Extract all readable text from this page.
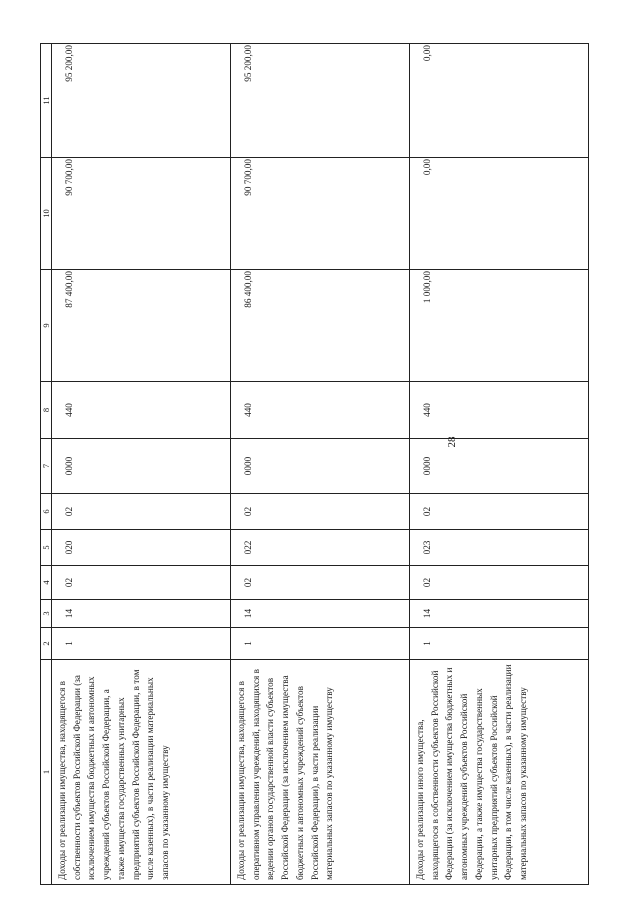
28
1	2	3	4	5	6	7	8	9	10	11
Доходы от реализации имущества, находящегося в собственности субъектов Российской Федерации (за исключением имущества бюджетных и автономных учреждений субъектов Российской Федерации, а также имущества государственных унитарных предприятий субъектов Российской Федерации, в том числе казенных), в части реализации материальных запасов по указанному имуществу	1	14	02	020	02	0000	440	87 400,00	90 700,00	95 200,00
Доходы от реализации имущества, находящегося в оперативном управлении учреждений, находящихся в ведении органов государственной власти субъектов Российской Федерации (за исключением имущества бюджетных и автономных учреждений субъектов Российской Федерации), в части реализации материальных запасов по указанному имуществу	1	14	02	022	02	0000	440	86 400,00	90 700,00	95 200,00
Доходы от реализации иного имущества, находящегося в собственности субъектов Российской Федерации (за исключением имущества бюджетных и автономных учреждений субъектов Российской Федерации, а также имущества государственных унитарных предприятий субъектов Российской Федерации, в том числе казенных), в части реализации материальных запасов по указанному имуществу	1	14	02	023	02	0000	440	1 000,00	0,00	0,00
